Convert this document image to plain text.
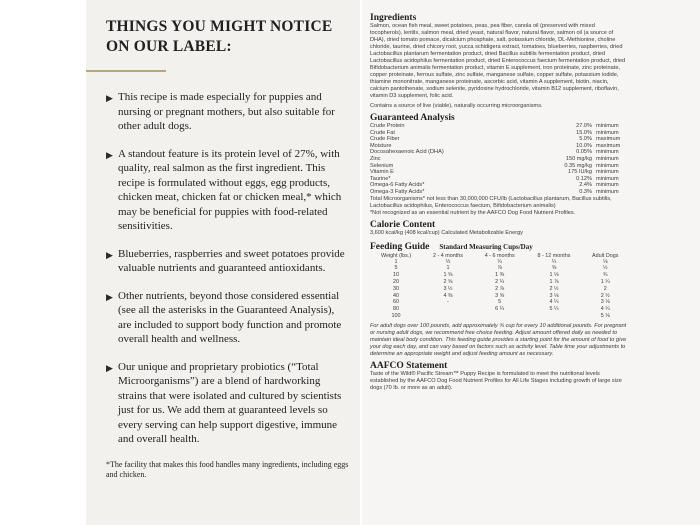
THINGS YOU MIGHT NOTICE ON OUR LABEL:
▶ This recipe is made especially for puppies and nursing or pregnant mothers, but also suitable for other adult dogs.
▶ A standout feature is its protein level of 27%, with quality, real salmon as the first ingredient. This recipe is formulated without eggs, egg products, chicken meat, chicken fat or chicken meal,* which may be beneficial for puppies with food-related sensitivities.
▶ Blueberries, raspberries and sweet potatoes provide valuable nutrients and guaranteed antioxidants.
▶ Other nutrients, beyond those considered essential (see all the asterisks in the Guaranteed Analysis), are included to support body function and promote overall health and wellness.
▶ Our unique and proprietary probiotics (“Total Microorganisms”) are a blend of hardworking strains that were isolated and cultured by scientists just for us. We add them at guaranteed levels so every serving can help support digestive, immune and overall health.

*The facility that makes this food handles many ingredients, including eggs and chicken.

Ingredients

Salmon, ocean fish meal, sweet potatoes, peas, pea fiber, canola oil (preserved with mixed tocopherols), lentils, salmon meal, dried yeast, natural flavor, natural flavor, salmon oil (a source of DHA), dried tomato pomace, dicalcium phosphate, salt, potassium chloride, DL-Methionine, choline chloride, taurine, dried chicory root, yucca schidigera extract, tomatoes, blueberries, raspberries, dried Lactobacillus plantarum fermentation product, dried Bacillus subtilis fermentation product, dried Lactobacillus acidophilus fermentation product, dried Enterococcus faecium fermentation product, dried Bifidobacterium animalis fermentation product, vitamin E supplement, iron proteinate, zinc proteinate, copper proteinate, ferrous sulfate, zinc sulfate, manganese sulfate, copper sulfate, potassium iodide, thiamine mononitrate, manganese proteinate, ascorbic acid, vitamin A supplement, biotin, niacin, calcium pantothenate, sodium selenite, pyridoxine hydrochloride, vitamin B12 supplement, riboflavin, vitamin D3 supplement, folic acid.

Contains a source of live (viable), naturally occurring microorganisms.

Guaranteed Analysis
Crude Protein	27.0%	minimum
Crude Fat	15.0%	minimum
Crude Fiber	5.0%	maximum
Moisture	10.0%	maximum
Docosahexaenoic Acid (DHA)	0.05%	minimum
Zinc	150 mg/kg	minimum
Selenium	0.35 mg/kg	minimum
Vitamin E	175 IU/kg	minimum
Taurine*	0.12%	minimum
Omega-6 Fatty Acids*	2.4%	minimum
Omega-3 Fatty Acids*	0.3%	minimum

Total Microorganisms* not less than 30,000,000 CFU/lb (Lactobacillus plantarum, Bacillus subtilis, Lactobacillus acidophilus, Enterococcus faecium, Bifidobacterium animalis)

*Not recognized as an essential nutrient by the AAFCO Dog Food Nutrient Profiles.

Calorie Content

3,600 kcal/kg (408 kcal/cup) Calculated Metabolizable Energy

Feeding Guide Standard Measuring Cups/Day
Weight (lbs.)	2 - 4 months	4 - 6 months	8 - 12 months	Adult Dogs
1	⅓	¼	¼	⅛
5	1	⅞	⅝	½
10	1 ⅝	1 ⅜	1 ⅛	¾
20	2 ⅝	2 ¼	1 ⅞	1 ¼
30	3 ½	2 ⅞	2 ½	2
40	4 ⅜	3 ⅝	3 ⅛	2 ½
60	-	5	4 ¼	3 ⅛
80		6 ¼	5 ¼	4 ¼
100				5 ⅛

For adult dogs over 100 pounds, add approximately ¾ cup for every 10 additional pounds. For pregnant or nursing adult dogs, we recommend free choice feeding. Adjust amount offered daily as needed to maintain ideal body condition. This feeding guide provides a starting point for the amount of food to give your dog each day, and can vary based on factors such as activity level. Table time your adjustments to determine an appropriate weight and adjust feeding amount as necessary.

AAFCO Statement

Taste of the Wild® Pacific Stream™ Puppy Recipe is formulated to meet the nutritional levels established by the AAFCO Dog Food Nutrient Profiles for All Life Stages including growth of large size dogs (70 lb. or more as an adult).
